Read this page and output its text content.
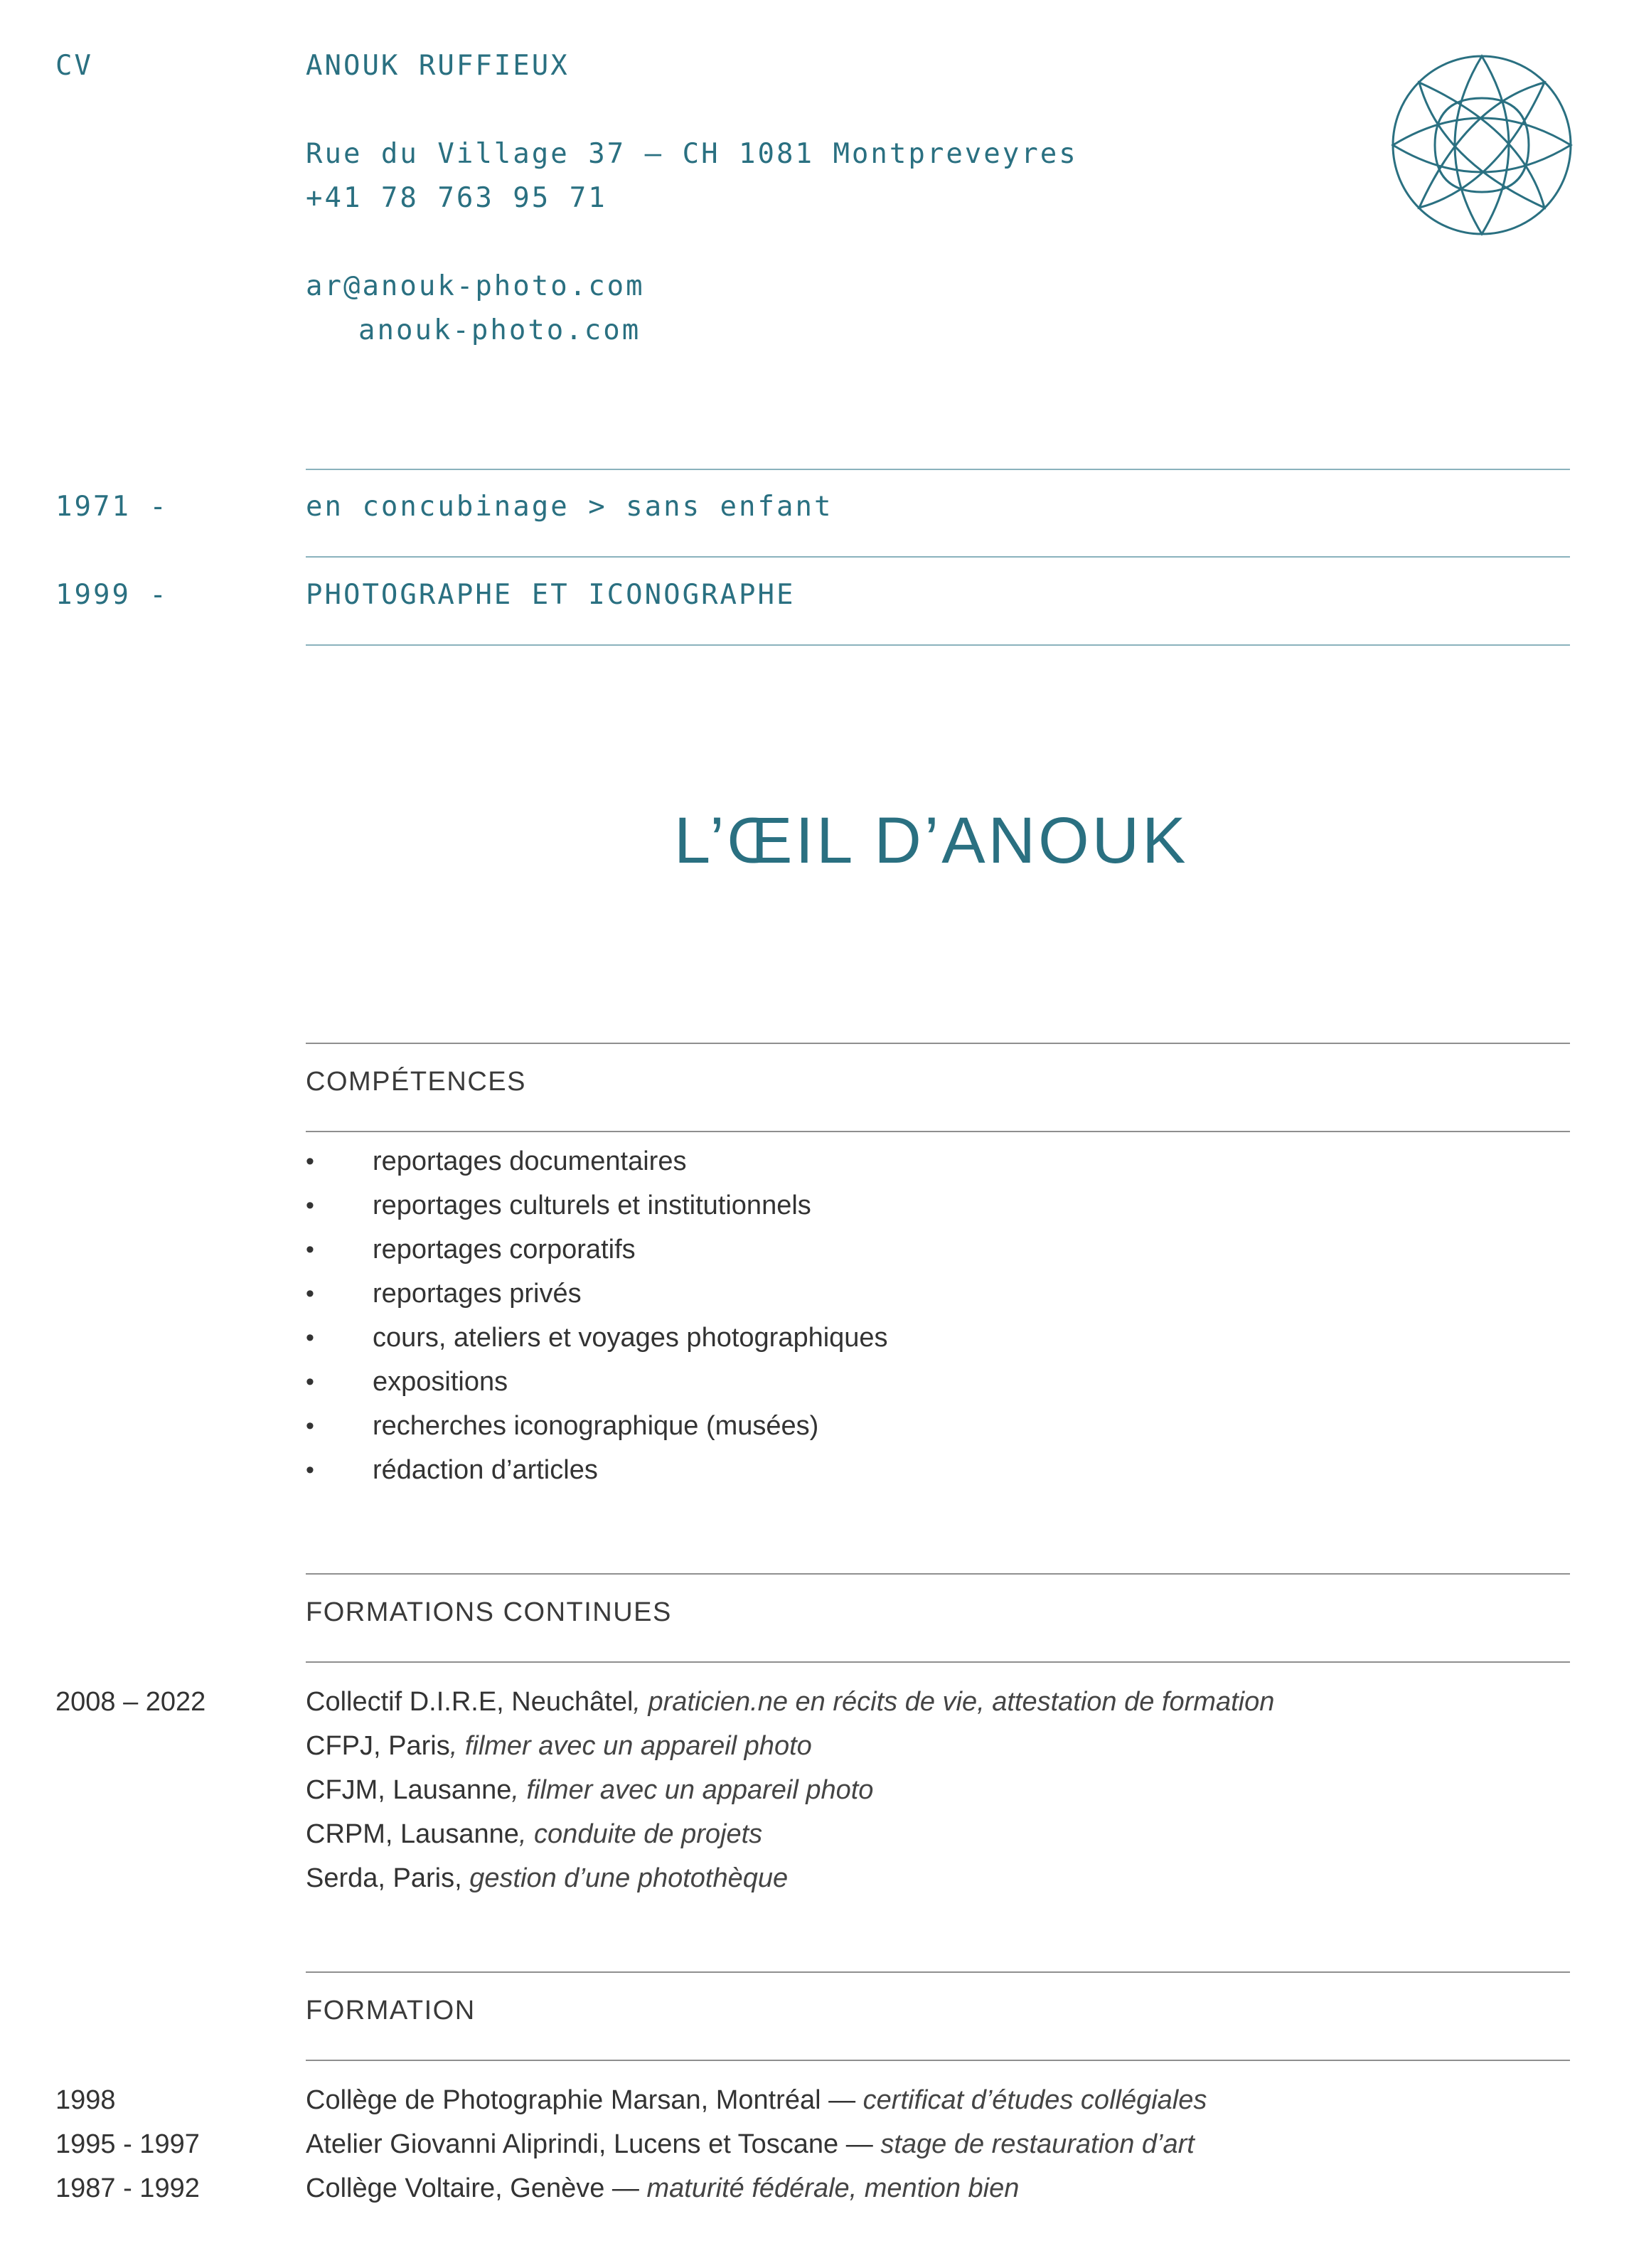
CV	ANOUK RUFFIEUX
Rue du Village 37 — CH 1081 Montpreveyres
+41 78 763 95 71
ar@anouk-photo.com
anouk-photo.com
1971 -	en concubinage > sans enfant
1999 -	PHOTOGRAPHE ET ICONOGRAPHE
L’ŒIL D’ANOUK
COMPÉTENCES
• reportages documentaires
• reportages culturels et institutionnels
• reportages corporatifs
• reportages privés
• cours, ateliers et voyages photographiques
• expositions
• recherches iconographique (musées)
• rédaction d’articles
FORMATIONS CONTINUES
2008 – 2022	Collectif D.I.R.E, Neuchâtel, praticien.ne en récits de vie, attestation de formation
CFPJ, Paris, filmer avec un appareil photo
CFJM, Lausanne, filmer avec un appareil photo
CRPM, Lausanne, conduite de projets
Serda, Paris, gestion d’une photothèque
FORMATION
1998	Collège de Photographie Marsan, Montréal — certificat d’études collégiales
1995 - 1997	Atelier Giovanni Aliprindi, Lucens et Toscane — stage de restauration d’art
1987 - 1992	Collège Voltaire, Genève — maturité fédérale, mention bien
